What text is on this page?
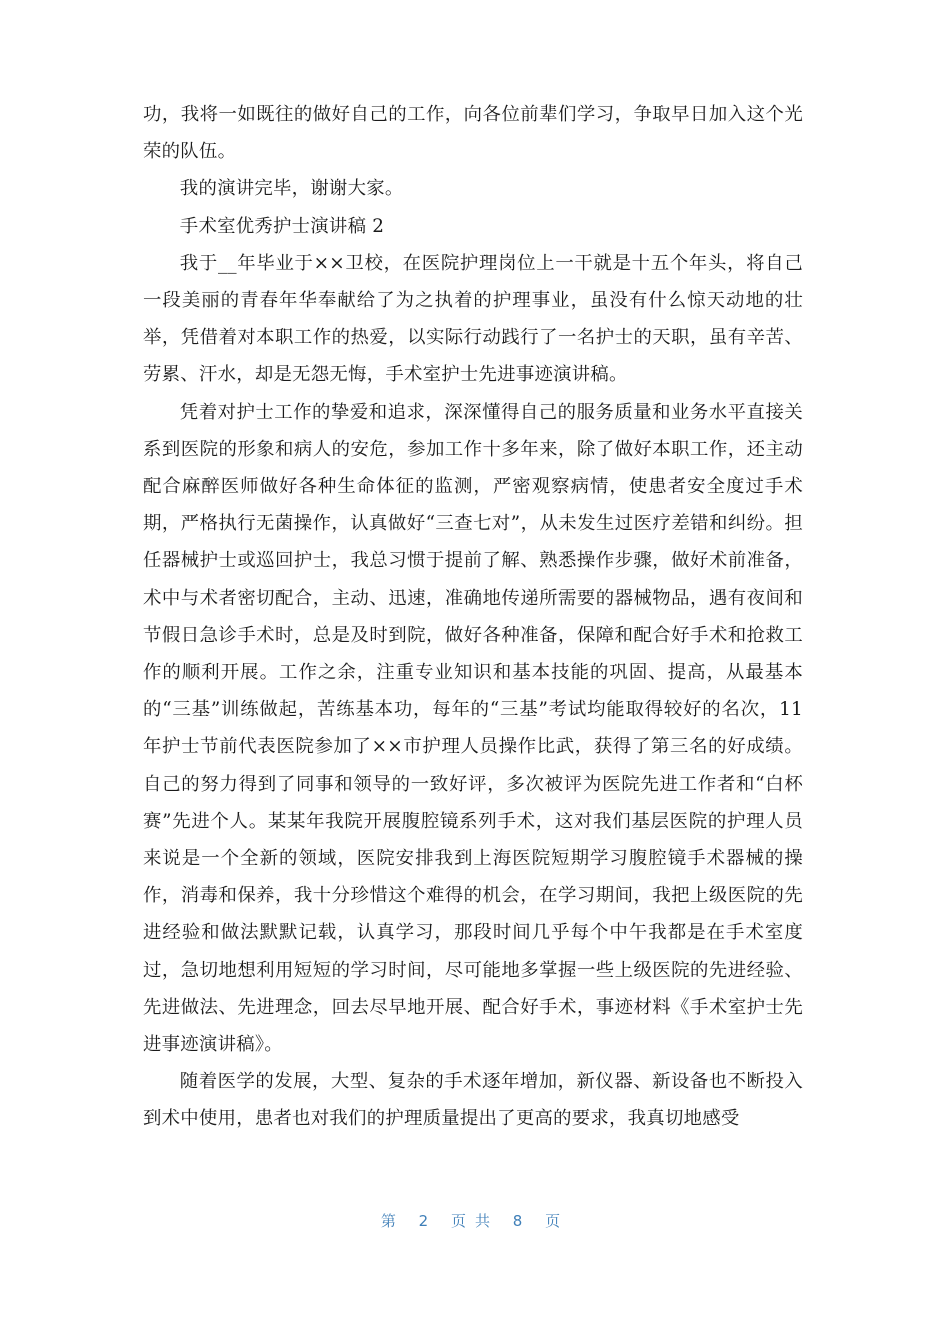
功，我将一如既往的做好自己的工作，向各位前辈们学习，争取早日加入这个光荣的队伍。

我的演讲完毕，谢谢大家。

手术室优秀护士演讲稿 2

我于__年毕业于××卫校，在医院护理岗位上一干就是十五个年头，将自己一段美丽的青春年华奉献给了为之执着的护理事业，虽没有什么惊天动地的壮举，凭借着对本职工作的热爱，以实际行动践行了一名护士的天职，虽有辛苦、劳累、汗水，却是无怨无悔，手术室护士先进事迹演讲稿。

凭着对护士工作的挚爱和追求，深深懂得自己的服务质量和业务水平直接关系到医院的形象和病人的安危，参加工作十多年来，除了做好本职工作，还主动配合麻醉医师做好各种生命体征的监测，严密观察病情，使患者安全度过手术期，严格执行无菌操作，认真做好“三查七对”，从未发生过医疗差错和纠纷。担任器械护士或巡回护士，我总习惯于提前了解、熟悉操作步骤，做好术前准备，术中与术者密切配合，主动、迅速，准确地传递所需要的器械物品，遇有夜间和节假日急诊手术时，总是及时到院，做好各种准备，保障和配合好手术和抢救工作的顺利开展。工作之余，注重专业知识和基本技能的巩固、提高，从最基本的“三基”训练做起，苦练基本功，每年的“三基”考试均能取得较好的名次，11 年护士节前代表医院参加了××市护理人员操作比武，获得了第三名的好成绩。自己的努力得到了同事和领导的一致好评，多次被评为医院先进工作者和“白杯赛”先进个人。某某年我院开展腹腔镜系列手术，这对我们基层医院的护理人员来说是一个全新的领域，医院安排我到上海医院短期学习腹腔镜手术器械的操作，消毒和保养，我十分珍惜这个难得的机会，在学习期间，我把上级医院的先进经验和做法默默记载，认真学习，那段时间几乎每个中午我都是在手术室度过，急切地想利用短短的学习时间，尽可能地多掌握一些上级医院的先进经验、先进做法、先进理念，回去尽早地开展、配合好手术，事迹材料《手术室护士先进事迹演讲稿》。

随着医学的发展，大型、复杂的手术逐年增加，新仪器、新设备也不断投入到术中使用，患者也对我们的护理质量提出了更高的要求，我真切地感受

第 2 页共 8 页
